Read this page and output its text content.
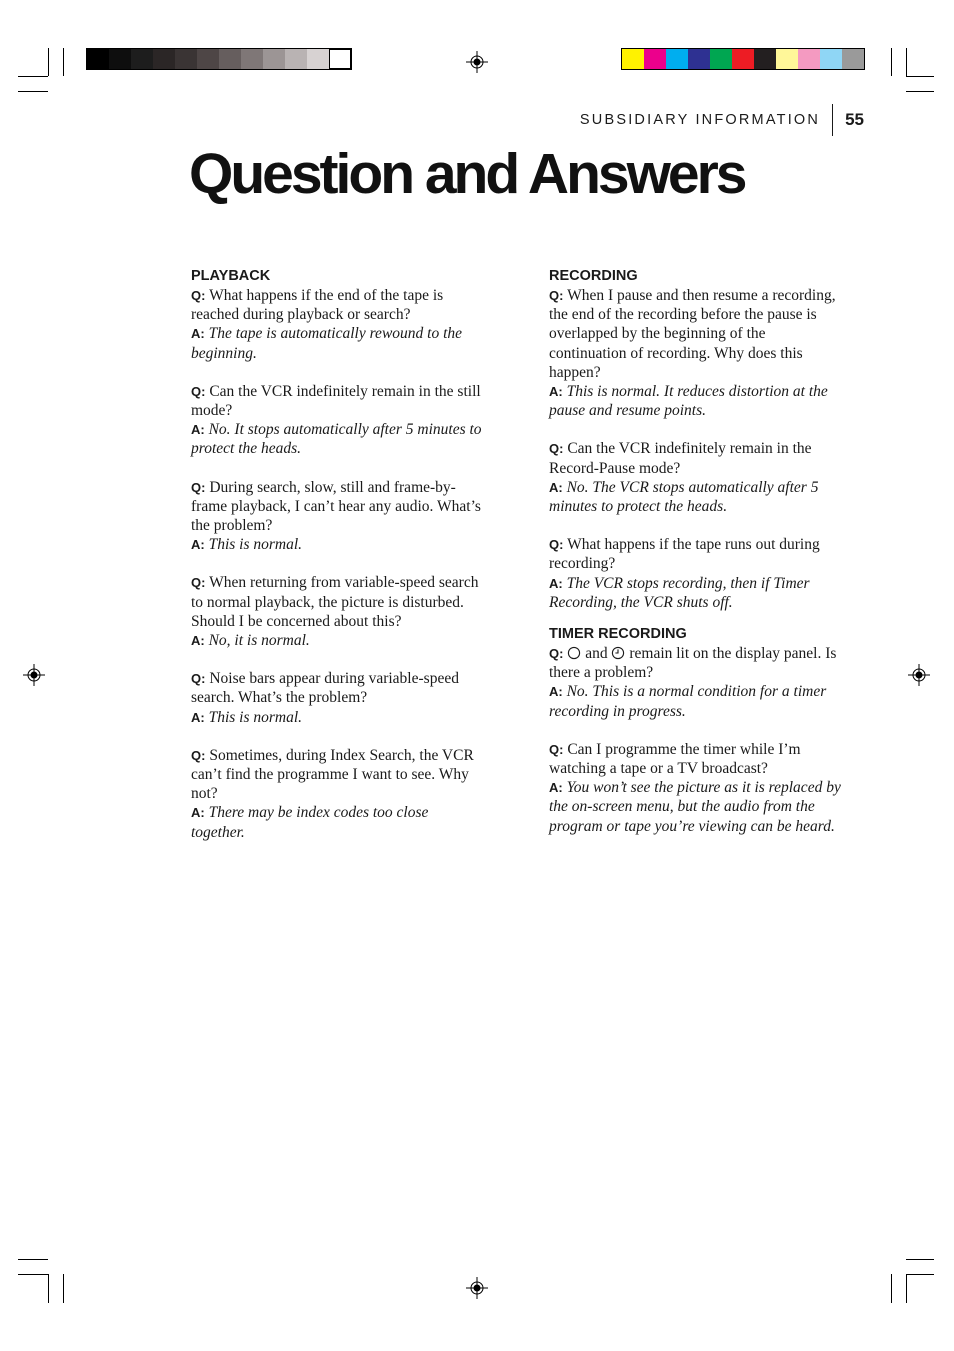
SUBSIDIARY INFORMATION	55
Question and Answers
PLAYBACK

Q: What happens if the end of the tape is reached during playback or search?

A: The tape is automatically rewound to the beginning.

Q: Can the VCR indefinitely remain in the still mode?

A: No. It stops automatically after 5 minutes to protect the heads.

Q: During search, slow, still and frame-by-frame playback, I can’t hear any audio. What’s the problem?

A: This is normal.

Q: When returning from variable-speed search to normal playback, the picture is disturbed. Should I be concerned about this?

A: No, it is normal.

Q: Noise bars appear during variable-speed search. What’s the problem?

A: This is normal.

Q: Sometimes, during Index Search, the VCR can’t find the programme I want to see. Why not?

A: There may be index codes too close together.

RECORDING

Q: When I pause and then resume a recording, the end of the recording before the pause is overlapped by the beginning of the continuation of recording. Why does this happen?

A: This is normal. It reduces distortion at the pause and resume points.

Q: Can the VCR indefinitely remain in the Record-Pause mode?

A: No. The VCR stops automatically after 5 minutes to protect the heads.

Q: What happens if the tape runs out during recording?

A: The VCR stops recording, then if Timer Recording, the VCR shuts off.

TIMER RECORDING

Q: and remain lit on the display panel. Is there a problem?

A: No. This is a normal condition for a timer recording in progress.

Q: Can I programme the timer while I’m watching a tape or a TV broadcast?

A: You won’t see the picture as it is replaced by the on-screen menu, but the audio from the program or tape you’re viewing can be heard.
